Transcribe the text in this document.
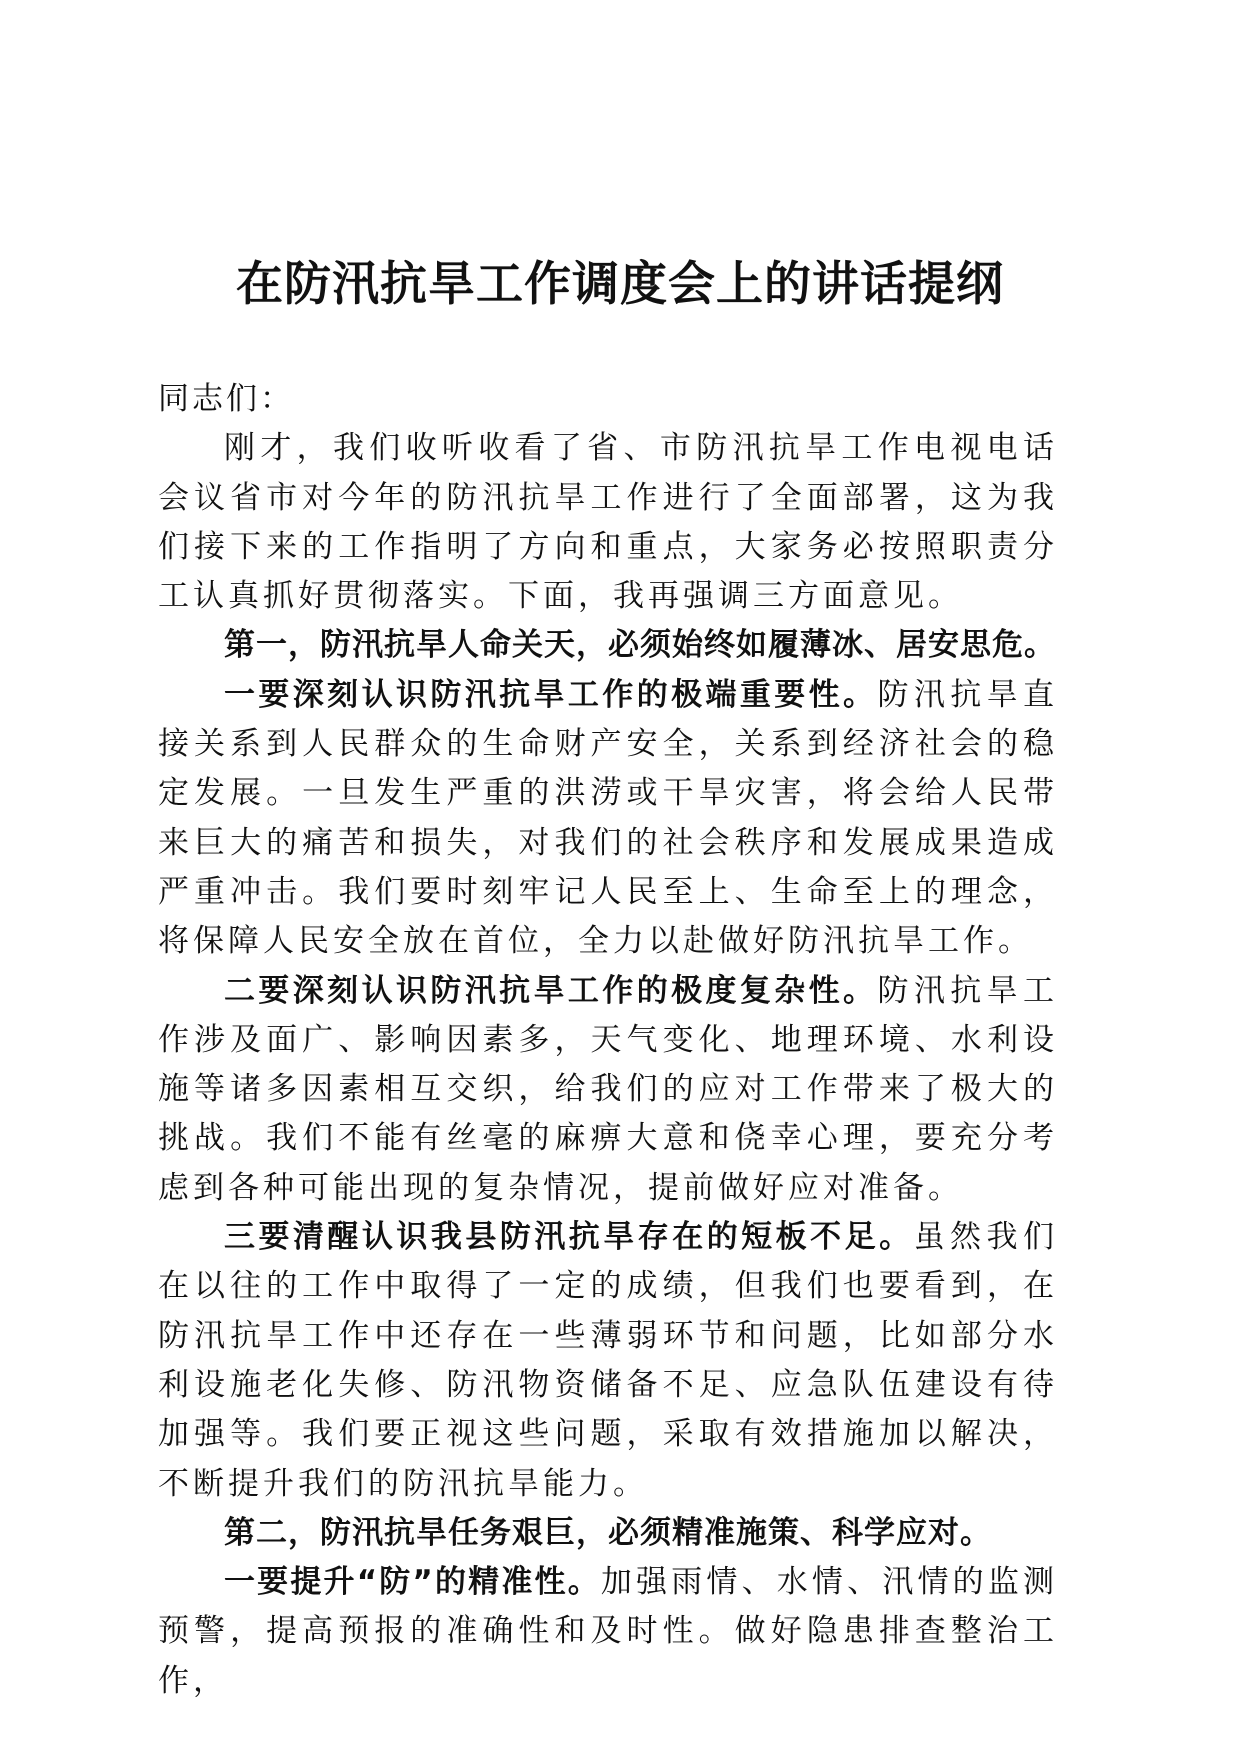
在防汛抗旱工作调度会上的讲话提纲

同志们：

刚才，我们收听收看了省、市防汛抗旱工作电视电话会议省市对今年的防汛抗旱工作进行了全面部署，这为我们接下来的工作指明了方向和重点，大家务必按照职责分工认真抓好贯彻落实。下面，我再强调三方面意见。

第一，防汛抗旱人命关天，必须始终如履薄冰、居安思危。

一要深刻认识防汛抗旱工作的极端重要性。防汛抗旱直接关系到人民群众的生命财产安全，关系到经济社会的稳定发展。一旦发生严重的洪涝或干旱灾害，将会给人民带来巨大的痛苦和损失，对我们的社会秩序和发展成果造成严重冲击。我们要时刻牢记人民至上、生命至上的理念，将保障人民安全放在首位，全力以赴做好防汛抗旱工作。

二要深刻认识防汛抗旱工作的极度复杂性。防汛抗旱工作涉及面广、影响因素多，天气变化、地理环境、水利设施等诸多因素相互交织，给我们的应对工作带来了极大的挑战。我们不能有丝毫的麻痹大意和侥幸心理，要充分考虑到各种可能出现的复杂情况，提前做好应对准备。

三要清醒认识我县防汛抗旱存在的短板不足。虽然我们在以往的工作中取得了一定的成绩，但我们也要看到，在防汛抗旱工作中还存在一些薄弱环节和问题，比如部分水利设施老化失修、防汛物资储备不足、应急队伍建设有待加强等。我们要正视这些问题，采取有效措施加以解决，不断提升我们的防汛抗旱能力。

第二，防汛抗旱任务艰巨，必须精准施策、科学应对。

一要提升“防”的精准性。加强雨情、水情、汛情的监测预警，提高预报的准确性和及时性。做好隐患排查整治工作，
